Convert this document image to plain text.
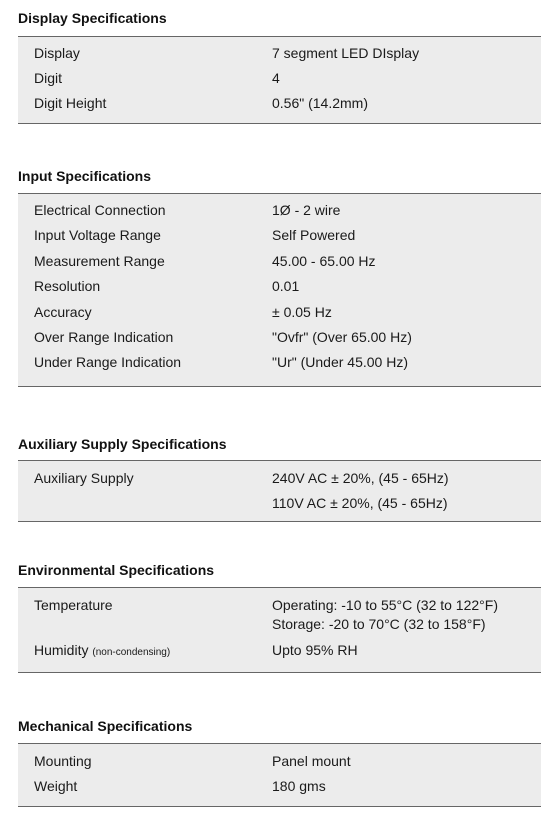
Display Specifications
Display	7 segment LED DIsplay
Digit	4
Digit Height	0.56" (14.2mm)
Input Specifications
Electrical Connection	1Ø - 2 wire
Input Voltage Range	Self Powered
Measurement Range	45.00 - 65.00 Hz
Resolution	0.01
Accuracy	± 0.05 Hz
Over Range Indication	"Ovfr" (Over 65.00 Hz)
Under Range Indication	"Ur" (Under 45.00 Hz)
Auxiliary Supply Specifications
Auxiliary Supply	240V AC ± 20%, (45 - 65Hz)
110V AC ± 20%, (45 - 65Hz)
Environmental Specifications
Temperature	Operating: -10 to 55°C (32 to 122°F)
Storage: -20 to 70°C (32 to 158°F)
Humidity (non-condensing)	Upto 95% RH
Mechanical Specifications
Mounting	Panel mount
Weight	180 gms
